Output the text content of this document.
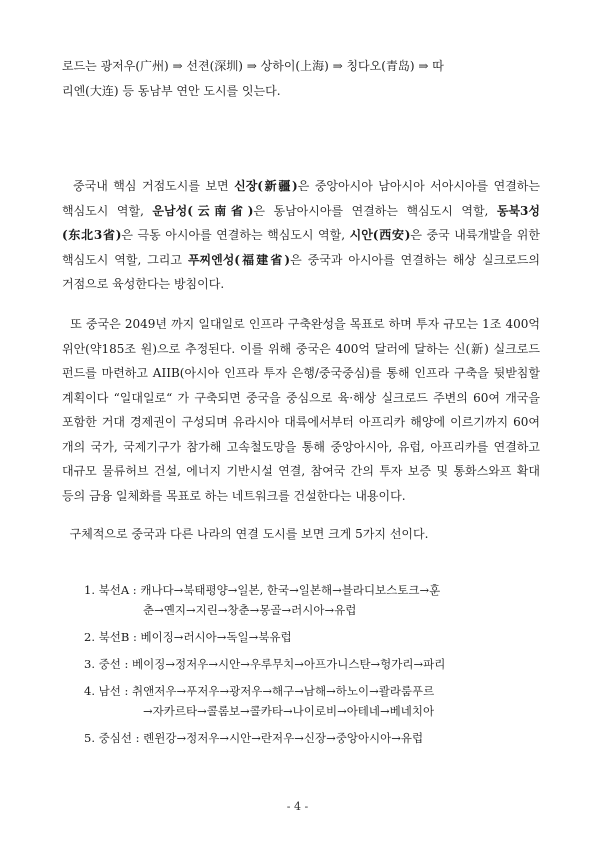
로드는 광저우(广州) ⇒ 선젼(深圳) ⇒ 상하이(上海) ⇒ 칭다오(青岛) ⇒ 따
리엔(大连) 등 동남부 연안 도시를 잇는다.

중국내 핵심 거점도시를 보면 신장(新疆)은 중앙아시아 남아시아 서아시아를 연결하는 핵심도시 역할, 운남성(云南省)은 동남아시아를 연결하는 핵심도시 역할, 동북3성(东北3省)은 극동 아시아를 연결하는 핵심도시 역할, 시안(西安)은 중국 내륙개발을 위한 핵심도시 역할, 그리고 푸찌엔성(福建省)은 중국과 아시아를 연결하는 해상 실크로드의 거점으로 육성한다는 방침이다.

또 중국은 2049년 까지 일대일로 인프라 구축완성을 목표로 하며 투자 규모는 1조 400억 위안(약185조 원)으로 추정된다. 이를 위해 중국은 400억 달러에 달하는 신(新) 실크로드 펀드를 마련하고 AIIB(아시아 인프라 투자 은행/중국중심)를 통해 인프라 구축을 뒷받침할 계획이다 “일대일로“ 가 구축되면 중국을 중심으로 육·해상 실크로드 주변의 60여 개국을 포함한 거대 경제권이 구성되며 유라시아 대륙에서부터 아프리카 해양에 이르기까지 60여 개의 국가, 국제기구가 참가해 고속철도망을 통해 중앙아시아, 유럽, 아프리카를 연결하고 대규모 물류허브 건설, 에너지 기반시설 연결, 참여국 간의 투자 보증 및 통화스와프 확대 등의 금융 일체화를 목표로 하는 네트워크를 건설한다는 내용이다.

구체적으로 중국과 다른 나라의 연결 도시를 보면 크게 5가지 선이다.

1. 북선A : 캐나다→북태평양→일본, 한국→일본해→블라디보스토크→훈
춘→옌지→지린→창춘→몽골→러시아→유럽
2. 북선B : 베이징→러시아→독일→북유럽
3. 중선 : 베이징→정저우→시안→우루무치→아프가니스탄→헝가리→파리
4. 남선 : 취앤저우→푸저우→광저우→해구→남해→하노이→콸라룸푸르
→자카르타→콜롬보→콜카타→나이로비→아테네→베네치아
5. 중심선 : 롄윈강→정저우→시안→란저우→신장→중앙아시아→유럽
- 4 -
